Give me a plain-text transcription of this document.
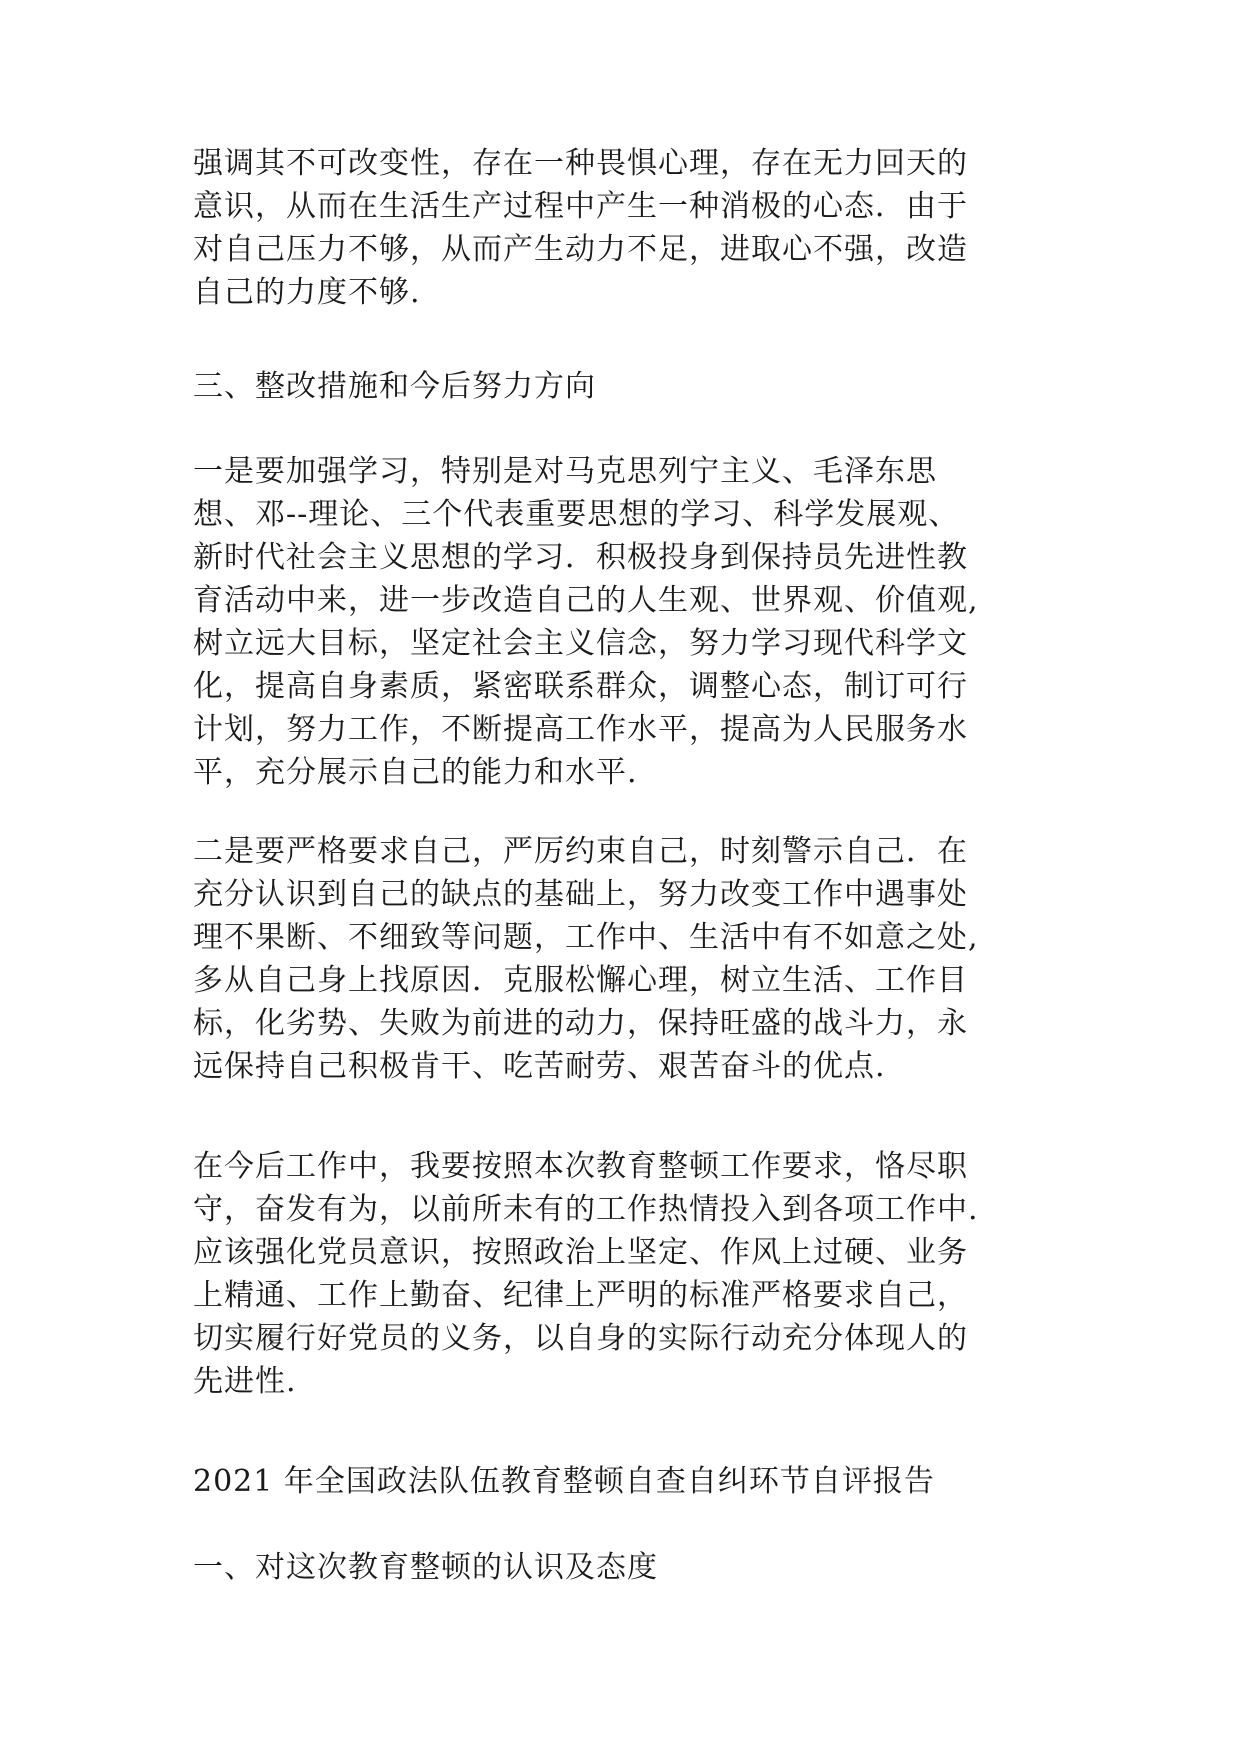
强调其不可改变性，存在一种畏惧心理，存在无力回天的
意识，从而在生活生产过程中产生一种消极的心态．由于
对自己压力不够，从而产生动力不足，进取心不强，改造
自己的力度不够.
三、整改措施和今后努力方向
一是要加强学习，特别是对马克思列宁主义、毛泽东思
想、邓--理论、三个代表重要思想的学习、科学发展观、
新时代社会主义思想的学习．积极投身到保持员先进性教
育活动中来，进一步改造自己的人生观、世界观、价值观,
树立远大目标，坚定社会主义信念，努力学习现代科学文
化，提高自身素质，紧密联系群众，调整心态，制订可行
计划，努力工作，不断提高工作水平，提高为人民服务水
平，充分展示自己的能力和水平.
二是要严格要求自己，严厉约束自己，时刻警示自己．在
充分认识到自己的缺点的基础上，努力改变工作中遇事处
理不果断、不细致等问题，工作中、生活中有不如意之处,
多从自己身上找原因．克服松懈心理，树立生活、工作目
标，化劣势、失败为前进的动力，保持旺盛的战斗力，永
远保持自己积极肯干、吃苦耐劳、艰苦奋斗的优点.
在今后工作中，我要按照本次教育整顿工作要求，恪尽职
守，奋发有为，以前所未有的工作热情投入到各项工作中.
应该强化党员意识，按照政治上坚定、作风上过硬、业务
上精通、工作上勤奋、纪律上严明的标准严格要求自己，
切实履行好党员的义务，以自身的实际行动充分体现人的
先进性.
2021 年全国政法队伍教育整顿自查自纠环节自评报告
一、对这次教育整顿的认识及态度
